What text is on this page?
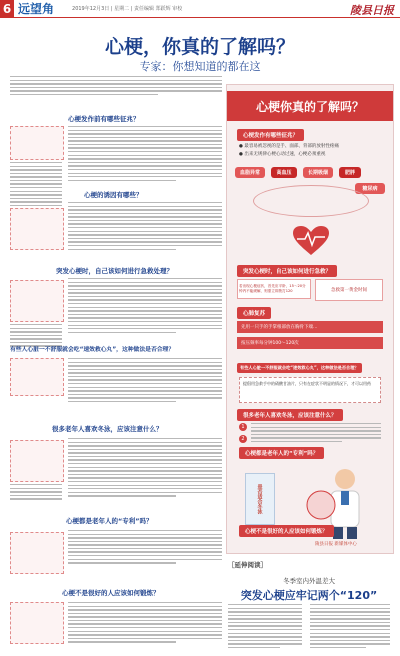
6 远望角	2019年12月3日 | 星期二 | 责任编辑 郑跃辉 审校	陵县日报
心梗，你真的了解吗？
专家：你想知道的都在这
心梗发作前有哪些征兆？
心梗的诱因有哪些？
突发心梗时，自己该如何进行急救处理？
有些人心脏一不舒服就会吃“速效救心丸”，这种做法是否合理？
很多老年人喜欢冬泳，应该注意什么？
心梗都是老年人的“专利”吗？
心梗不是很好的人应该如何锻炼？
心梗你真的了解吗？
心梗发作有哪些征兆？
● 最容易被忽视的是手、面部、背部的放射性疼痛
● 出来无规律心梗心动过速，心梗必须重视
血脂异常	高血压	长期吸烟	肥胖
糖尿病
突发心梗时，自己该如何进行急救？
若出现心梗症状，首先应平卧，15～20分钟内不能缓解，则需立即拨打120	急救第一黄金时间
心肺复苏
先用一只手的手掌根部放在胸骨下端…
按压频率每分钟100～120次
有些人心脏一不舒服就会吃“速效救心丸”，这种做法是否合理？
提倡用急救手中的硝酸甘油片，只有在症状不明显的情况下，才可以用药
很多老年人喜欢冬泳，应该注意什么？
1
2
心梗都是老年人的“专利”吗？
是否适合冬泳
心梗不是很好的人应该如何锻炼？
陵县日报 新媒体中心
［延伸阅读］
冬季室内外温差大
突发心梗应牢记两个“120”
